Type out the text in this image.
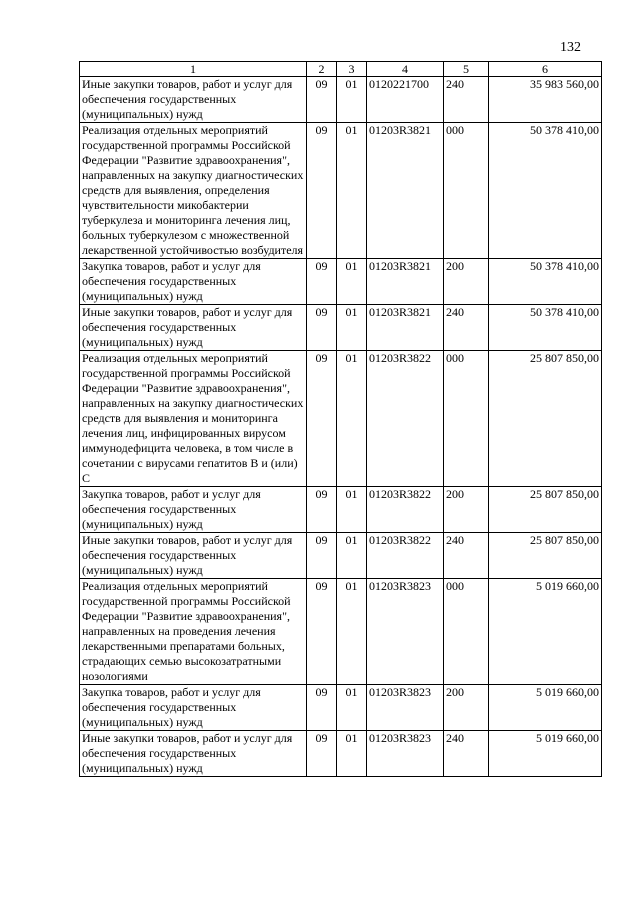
132
1	2	3	4	5	6
Иные закупки товаров, работ и услуг для обеспечения государственных (муниципальных) нужд	09	01	0120221700	240	35 983 560,00
Реализация отдельных мероприятий государственной программы Российской Федерации "Развитие здравоохранения", направленных на закупку диагностических средств для выявления, определения чувствительности микобактерии туберкулеза и мониторинга лечения лиц, больных туберкулезом с множественной лекарственной устойчивостью возбудителя	09	01	01203R3821	000	50 378 410,00
Закупка товаров, работ и услуг для обеспечения государственных (муниципальных) нужд	09	01	01203R3821	200	50 378 410,00
Иные закупки товаров, работ и услуг для обеспечения государственных (муниципальных) нужд	09	01	01203R3821	240	50 378 410,00
Реализация отдельных мероприятий государственной программы Российской Федерации "Развитие здравоохранения", направленных на закупку диагностических средств для выявления и мониторинга лечения лиц, инфицированных вирусом иммунодефицита человека, в том числе в сочетании с вирусами гепатитов В и (или) С	09	01	01203R3822	000	25 807 850,00
Закупка товаров, работ и услуг для обеспечения государственных (муниципальных) нужд	09	01	01203R3822	200	25 807 850,00
Иные закупки товаров, работ и услуг для обеспечения государственных (муниципальных) нужд	09	01	01203R3822	240	25 807 850,00
Реализация отдельных мероприятий государственной программы Российской Федерации "Развитие здравоохранения", направленных на проведения лечения лекарственными препаратами больных, страдающих семью высокозатратными нозологиями	09	01	01203R3823	000	5 019 660,00
Закупка товаров, работ и услуг для обеспечения государственных (муниципальных) нужд	09	01	01203R3823	200	5 019 660,00
Иные закупки товаров, работ и услуг для обеспечения государственных (муниципальных) нужд	09	01	01203R3823	240	5 019 660,00
